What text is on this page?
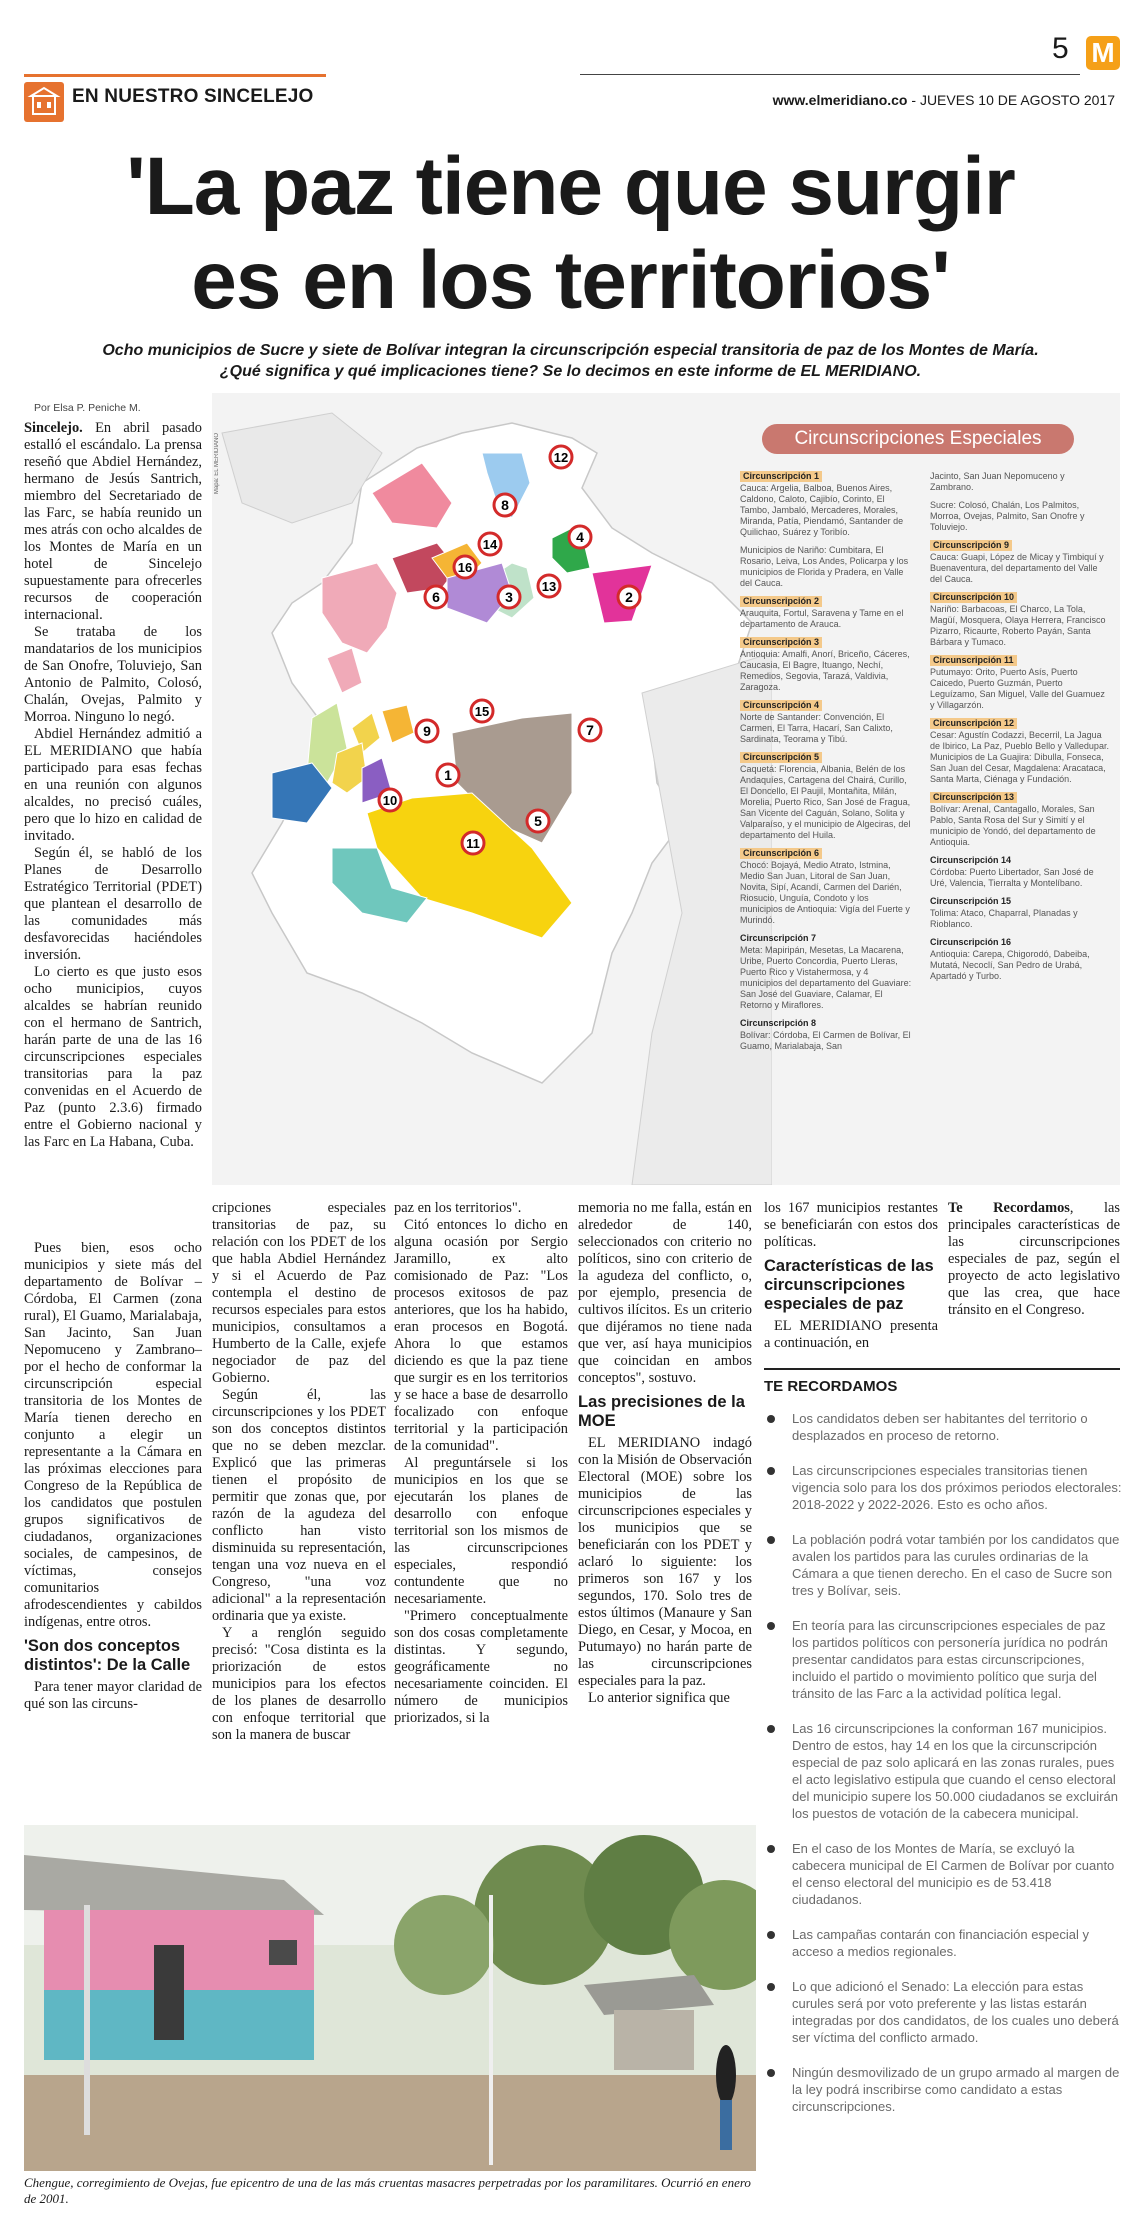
EN NUESTRO SINCELEJO
5 M
www.elmeridiano.co - JUEVES 10 DE AGOSTO 2017
'La paz tiene que surgir
es en los territorios'
Ocho municipios de Sucre y siete de Bolívar integran la circunscripción especial transitoria de paz de los Montes de María. ¿Qué significa y qué implicaciones tiene? Se lo decimos en este informe de EL MERIDIANO.
Mapa: EL MERIDIANO
1
2
3
4
5
6
7
8
9
10
11
12
13
14
15
16
Circunscripciones Especiales
Circunscripción 1
Cauca: Argelia, Balboa, Buenos Aires, Caldono, Caloto, Cajibío, Corinto, El Tambo, Jambaló, Mercaderes, Morales, Miranda, Patía, Piendamó, Santander de Quilichao, Suárez y Toribío.
Municipios de Nariño: Cumbitara, El Rosario, Leiva, Los Andes, Policarpa y los municipios de Florida y Pradera, en Valle del Cauca.
Circunscripción 2
Arauquita, Fortul, Saravena y Tame en el departamento de Arauca.
Circunscripción 3
Antioquia: Amalfi, Anorí, Briceño, Cáceres, Caucasia, El Bagre, Ituango, Nechí, Remedios, Segovia, Tarazá, Valdivia, Zaragoza.
Circunscripción 4
Norte de Santander: Convención, El Carmen, El Tarra, Hacarí, San Calixto, Sardinata, Teorama y Tibú.
Circunscripción 5
Caquetá: Florencia, Albania, Belén de los Andaquíes, Cartagena del Chairá, Curillo, El Doncello, El Paujil, Montañita, Milán, Morelia, Puerto Rico, San José de Fragua, San Vicente del Caguán, Solano, Solita y Valparaíso, y el municipio de Algeciras, del departamento del Huila.
Circunscripción 6
Chocó: Bojayá, Medio Atrato, Istmina, Medio San Juan, Litoral de San Juan, Novita, Sipí, Acandí, Carmen del Darién, Riosucio, Unguía, Condoto y los municipios de Antioquia: Vigía del Fuerte y Murindó.
Circunscripción 7
Meta: Mapiripán, Mesetas, La Macarena, Uribe, Puerto Concordia, Puerto Lleras, Puerto Rico y Vistahermosa, y 4 municipios del departamento del Guaviare: San José del Guaviare, Calamar, El Retorno y Miraflores.
Circunscripción 8
Bolívar: Córdoba, El Carmen de Bolívar, El Guamo, Marialabaja, San
Jacinto, San Juan Nepomuceno y Zambrano.
Sucre: Colosó, Chalán, Los Palmitos, Morroa, Ovejas, Palmito, San Onofre y Toluviejo.
Circunscripción 9
Cauca: Guapi, López de Micay y Timbiquí y Buenaventura, del departamento del Valle del Cauca.
Circunscripción 10
Nariño: Barbacoas, El Charco, La Tola, Magüí, Mosquera, Olaya Herrera, Francisco Pizarro, Ricaurte, Roberto Payán, Santa Bárbara y Tumaco.
Circunscripción 11
Putumayo: Orito, Puerto Asís, Puerto Caicedo, Puerto Guzmán, Puerto Leguízamo, San Miguel, Valle del Guamuez y Villagarzón.
Circunscripción 12
Cesar: Agustín Codazzi, Becerril, La Jagua de Ibirico, La Paz, Pueblo Bello y Valledupar. Municipios de La Guajira: Dibulla, Fonseca, San Juan del Cesar, Magdalena: Aracataca, Santa Marta, Ciénaga y Fundación.
Circunscripción 13
Bolívar: Arenal, Cantagallo, Morales, San Pablo, Santa Rosa del Sur y Simití y el municipio de Yondó, del departamento de Antioquia.
Circunscripción 14
Córdoba: Puerto Libertador, San José de Uré, Valencia, Tierralta y Montelíbano.
Circunscripción 15
Tolima: Ataco, Chaparral, Planadas y Rioblanco.
Circunscripción 16
Antioquia: Carepa, Chigorodó, Dabeiba, Mutatá, Necoclí, San Pedro de Urabá, Apartadó y Turbo.

Por Elsa P. Peniche M.

Sincelejo. En abril pasado estalló el escándalo. La prensa reseñó que Abdiel Hernández, hermano de Jesús Santrich, miembro del Secretariado de las Farc, se había reunido un mes atrás con ocho alcaldes de los Montes de María en un hotel de Sincelejo supuestamente para ofrecerles recursos de cooperación internacional.

Se trataba de los mandatarios de los municipios de San Onofre, Toluviejo, San Antonio de Palmito, Colosó, Chalán, Ovejas, Palmito y Morroa. Ninguno lo negó.

Abdiel Hernández admitió a EL MERIDIANO que había participado para esas fechas en una reunión con algunos alcaldes, no precisó cuáles, pero que lo hizo en calidad de invitado.

Según él, se habló de los Planes de Desarrollo Estratégico Territorial (PDET) que plantean el desarrollo de las comunidades más desfavorecidas haciéndoles inversión.

Lo cierto es que justo esos ocho municipios, cuyos alcaldes se habrían reunido con el hermano de Santrich, harán parte de una de las 16 circunscripciones especiales transitorias para la paz convenidas en el Acuerdo de Paz (punto 2.3.6) firmado entre el Gobierno nacional y las Farc en La Habana, Cuba.

Pues bien, esos ocho municipios y siete más del departamento de Bolívar –Córdoba, El Carmen (zona rural), El Guamo, Marialabaja, San Jacinto, San Juan Nepomuceno y Zambrano– por el hecho de conformar la circunscripción especial transitoria de los Montes de María tienen derecho en conjunto a elegir un representante a la Cámara en las próximas elecciones para Congreso de la República de los candidatos que postulen grupos significativos de ciudadanos, organizaciones sociales, de campesinos, de víctimas, consejos comunitarios afrodescendientes y cabildos indígenas, entre otros.

'Son dos conceptos distintos': De la Calle

Para tener mayor claridad de qué son las circuns-

cripciones especiales transitorias de paz, su relación con los PDET de los que habla Abdiel Hernández y si el Acuerdo de Paz contempla el destino de recursos especiales para estos municipios, consultamos a Humberto de la Calle, exjefe negociador de paz del Gobierno.

Según él, las circunscripciones y los PDET son dos conceptos distintos que no se deben mezclar. Explicó que las primeras tienen el propósito de permitir que zonas que, por razón de la agudeza del conflicto han visto disminuida su representación, tengan una voz nueva en el Congreso, "una voz adicional" a la representación ordinaria que ya existe.

Y a renglón seguido precisó: "Cosa distinta es la priorización de estos municipios para los efectos de los planes de desarrollo con enfoque territorial que son la manera de buscar

paz en los territorios".

Citó entonces lo dicho en alguna ocasión por Sergio Jaramillo, ex alto comisionado de Paz: "Los procesos exitosos de paz anteriores, que los ha habido, eran procesos en Bogotá. Ahora lo que estamos diciendo es que la paz tiene que surgir es en los territorios y se hace a base de desarrollo focalizado con enfoque territorial y la participación de la comunidad".

Al preguntársele si los municipios en los que se ejecutarán los planes de desarrollo con enfoque territorial son los mismos de las circunscripciones especiales, respondió contundente que no necesariamente.

"Primero conceptualmente son dos cosas completamente distintas. Y segundo, geográficamente no necesariamente coinciden. El número de municipios priorizados, si la

memoria no me falla, están en alrededor de 140, seleccionados con criterio no políticos, sino con criterio de la agudeza del conflicto, o, por ejemplo, presencia de cultivos ilícitos. Es un criterio que dijéramos no tiene nada que ver, así haya municipios que coincidan en ambos conceptos", sostuvo.

Las precisiones de la MOE

EL MERIDIANO indagó con la Misión de Observación Electoral (MOE) sobre los municipios de las circunscripciones especiales y los municipios que se beneficiarán con los PDET y aclaró lo siguiente: los primeros son 167 y los segundos, 170. Solo tres de estos últimos (Manaure y San Diego, en Cesar, y Mocoa, en Putumayo) no harán parte de las circunscripciones especiales para la paz.

Lo anterior significa que

los 167 municipios restantes se beneficiarán con estos dos políticas.

Características de las circunscripciones especiales de paz

EL MERIDIANO presenta a continuación, en

Te Recordamos, las principales características de las circunscripciones especiales de paz, según el proyecto de acto legislativo que las crea, que hace tránsito en el Congreso.

TE RECORDAMOS
Los candidatos deben ser habitantes del territorio o desplazados en proceso de retorno.
Las circunscripciones especiales transitorias tienen vigencia solo para los dos próximos periodos electorales: 2018-2022 y 2022-2026. Esto es ocho años.
La población podrá votar también por los candidatos que avalen los partidos para las curules ordinarias de la Cámara a que tienen derecho. En el caso de Sucre son tres y Bolívar, seis.
En teoría para las circunscripciones especiales de paz los partidos políticos con personería jurídica no podrán presentar candidatos para estas circunscripciones, incluido el partido o movimiento político que surja del tránsito de las Farc a la actividad política legal.
Las 16 circunscripciones la conforman 167 municipios. Dentro de estos, hay 14 en los que la circunscripción especial de paz solo aplicará en las zonas rurales, pues el acto legislativo estipula que cuando el censo electoral del municipio supere los 50.000 ciudadanos se excluirán los puestos de votación de la cabecera municipal.
En el caso de los Montes de María, se excluyó la cabecera municipal de El Carmen de Bolívar por cuanto el censo electoral del municipio es de 53.418 ciudadanos.
Las campañas contarán con financiación especial y acceso a medios regionales.
Lo que adicionó el Senado: La elección para estas curules será por voto preferente y las listas estarán integradas por dos candidatos, de los cuales uno deberá ser víctima del conflicto armado.
Ningún desmovilizado de un grupo armado al margen de la ley podrá inscribirse como candidato a estas circunscripciones.
Chengue, corregimiento de Ovejas, fue epicentro de una de las más cruentas masacres perpetradas por los paramilitares. Ocurrió en enero de 2001.
